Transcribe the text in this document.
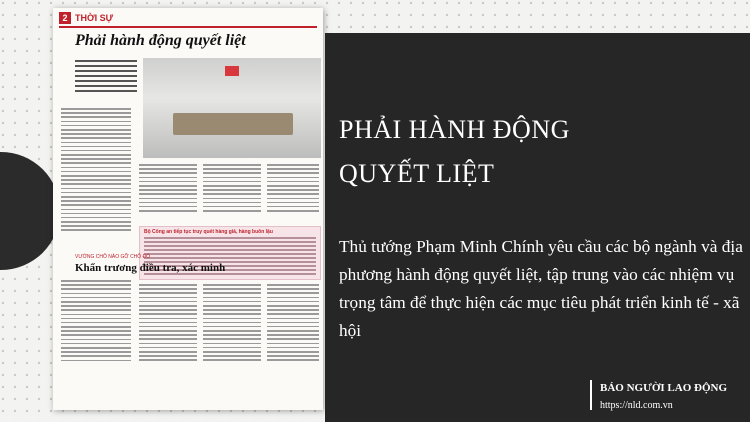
2 THỜI SỰ
Phải hành động quyết liệt
Bộ Công an tiếp tục truy quét hàng giả, hàng buôn lậu
VƯỚNG CHỖ NÀO GỠ CHỖ ĐÓ
Khẩn trương điều tra, xác minh
PHẢI HÀNH ĐỘNG
QUYẾT LIỆT
Thủ tướng Phạm Minh Chính yêu cầu các bộ ngành và địa phương hành động quyết liệt, tập trung vào các nhiệm vụ trọng tâm để thực hiện các mục tiêu phát triển kinh tế - xã hội
BÁO NGƯỜI LAO ĐỘNG
https://nld.com.vn
